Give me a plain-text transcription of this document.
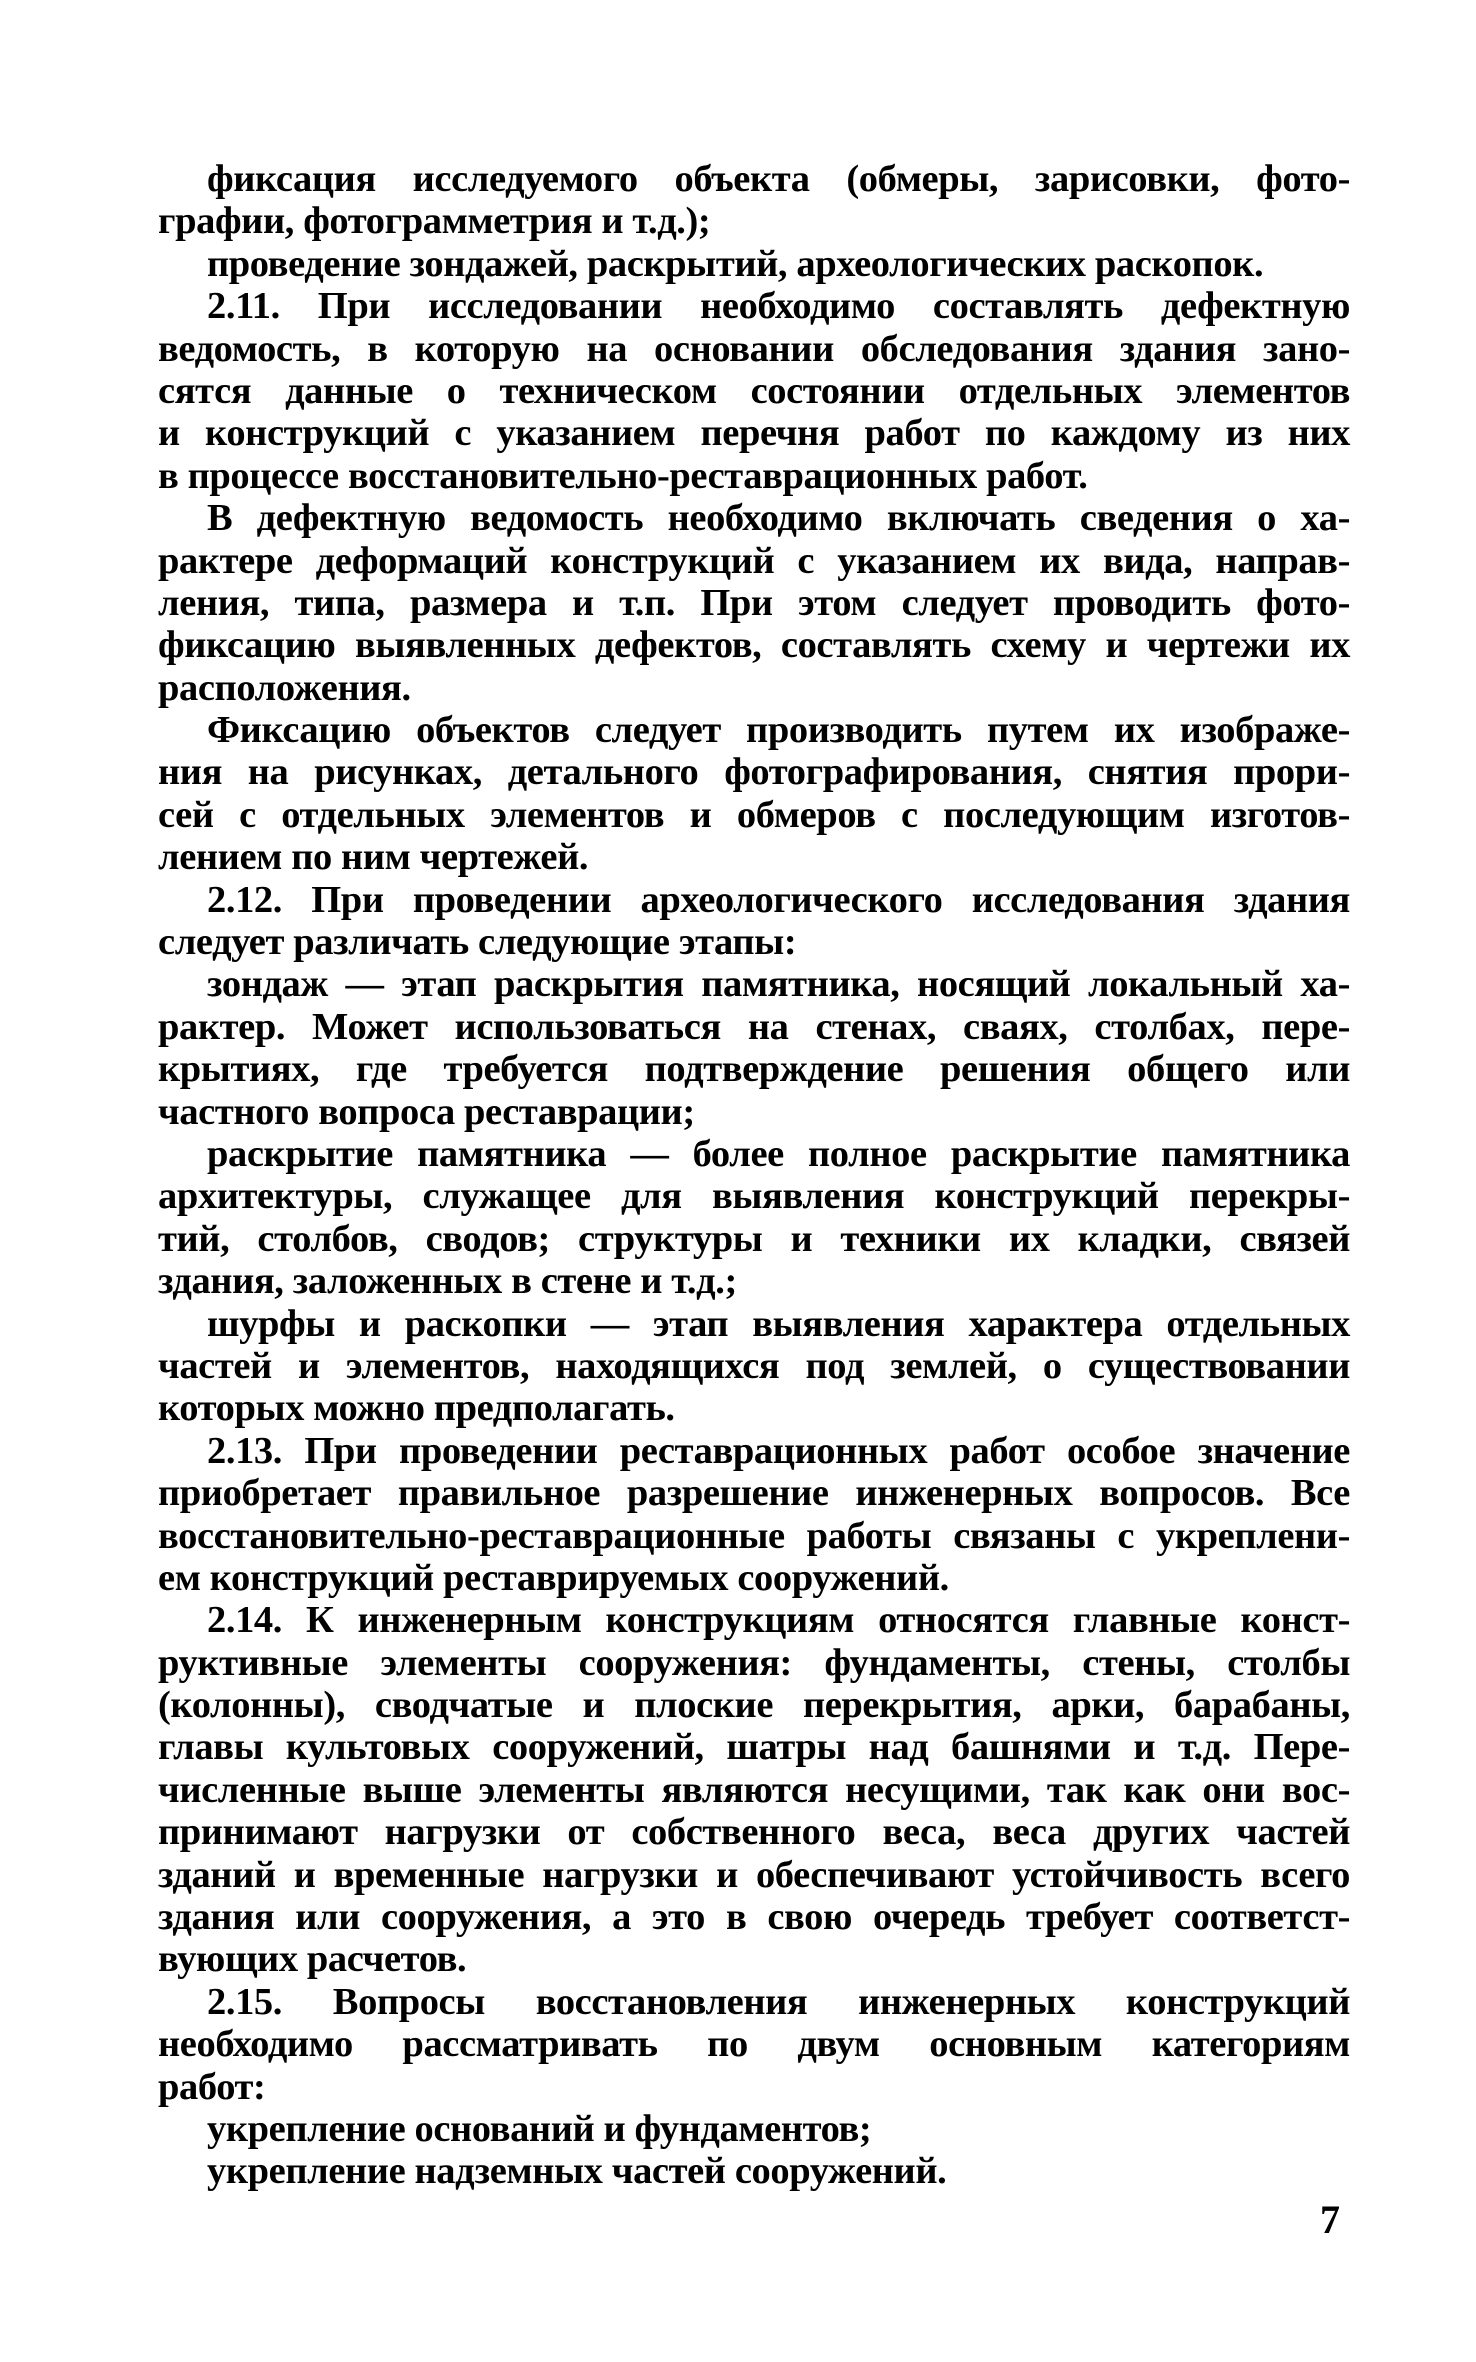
фиксация исследуемого объекта (обмеры, зарисовки, фото-
графии, фотограмметрия и т.д.);
проведение зондажей, раскрытий, археологических раскопок.
2.11. При исследовании необходимо составлять дефектную
ведомость, в которую на основании обследования здания зано-
сятся данные о техническом состоянии отдельных элементов
и конструкций с указанием перечня работ по каждому из них
в процессе восстановительно-реставрационных работ.
В дефектную ведомость необходимо включать сведения о ха-
рактере деформаций конструкций с указанием их вида, направ-
ления, типа, размера и т.п. При этом следует проводить фото-
фиксацию выявленных дефектов, составлять схему и чертежи их
расположения.
Фиксацию объектов следует производить путем их изображе-
ния на рисунках, детального фотографирования, снятия прори-
сей с отдельных элементов и обмеров с последующим изготов-
лением по ним чертежей.
2.12. При проведении археологического исследования здания
следует различать следующие этапы:
зондаж — этап раскрытия памятника, носящий локальный ха-
рактер. Может использоваться на стенах, сваях, столбах, пере-
крытиях, где требуется подтверждение решения общего или
частного вопроса реставрации;
раскрытие памятника — более полное раскрытие памятника
архитектуры, служащее для выявления конструкций перекры-
тий, столбов, сводов; структуры и техники их кладки, связей
здания, заложенных в стене и т.д.;
шурфы и раскопки — этап выявления характера отдельных
частей и элементов, находящихся под землей, о существовании
которых можно предполагать.
2.13. При проведении реставрационных работ особое значение
приобретает правильное разрешение инженерных вопросов. Все
восстановительно-реставрационные работы связаны с укреплени-
ем конструкций реставрируемых сооружений.
2.14. К инженерным конструкциям относятся главные конст-
руктивные элементы сооружения: фундаменты, стены, столбы
(колонны), сводчатые и плоские перекрытия, арки, барабаны,
главы культовых сооружений, шатры над башнями и т.д. Пере-
численные выше элементы являются несущими, так как они вос-
принимают нагрузки от собственного веса, веса других частей
зданий и временные нагрузки и обеспечивают устойчивость всего
здания или сооружения, а это в свою очередь требует соответст-
вующих расчетов.
2.15. Вопросы восстановления инженерных конструкций
необходимо рассматривать по двум основным категориям
работ:
укрепление оснований и фундаментов;
укрепление надземных частей сооружений.
7
